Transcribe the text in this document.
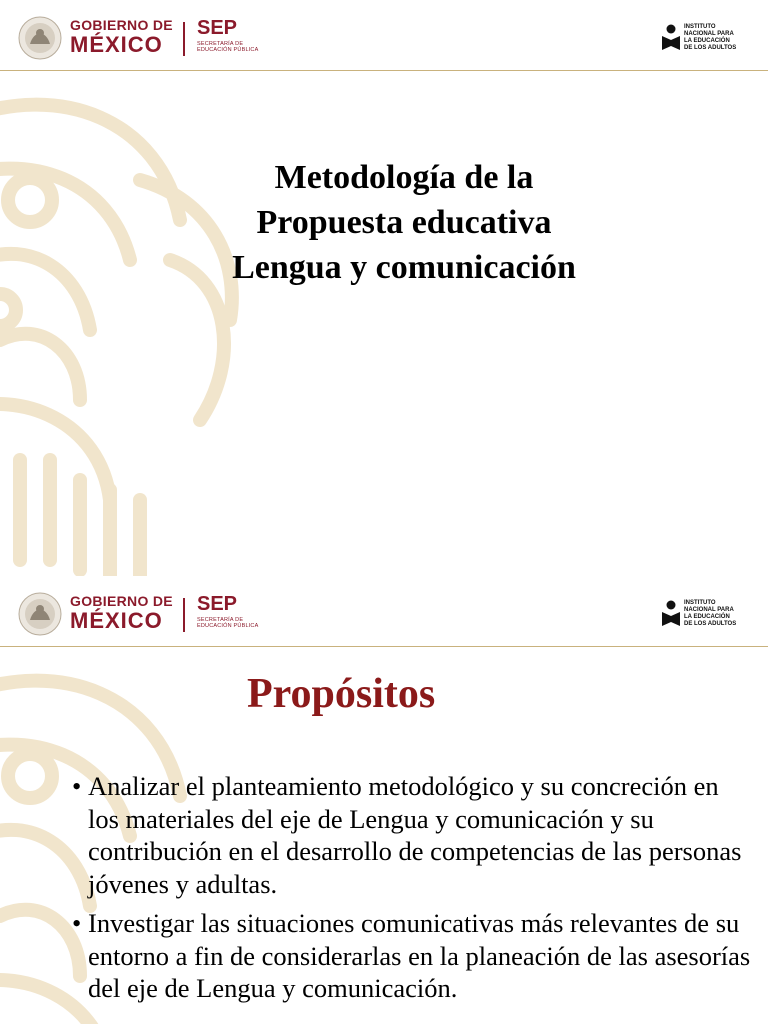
GOBIERNO DE
MÉXICO
SEP
SECRETARÍA DE
EDUCACIÓN PÚBLICA
INSTITUTO
NACIONAL PARA
LA EDUCACIÓN
DE LOS ADULTOS
Metodología de la
Propuesta educativa
Lengua y comunicación
GOBIERNO DE
MÉXICO
SEP
SECRETARÍA DE
EDUCACIÓN PÚBLICA
INSTITUTO
NACIONAL PARA
LA EDUCACIÓN
DE LOS ADULTOS
Propósitos
• Analizar el planteamiento metodológico y su concreción en los materiales del eje de Lengua y comunicación y su contribución en el desarrollo de competencias de las personas jóvenes y adultas.
• Investigar las situaciones comunicativas más relevantes de su entorno a fin de considerarlas en la planeación de las asesorías del eje de Lengua y comunicación.
